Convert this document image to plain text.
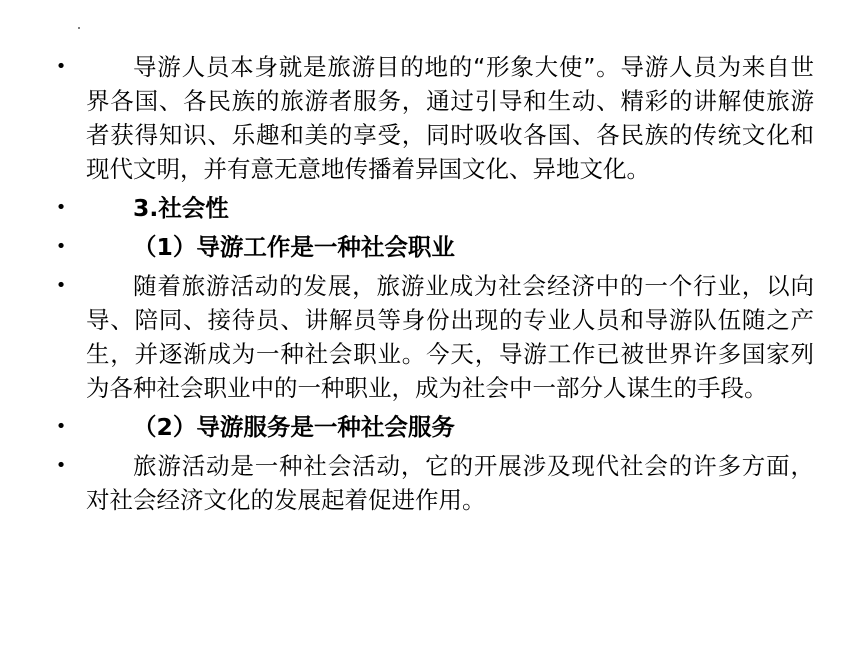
•	导游人员本身就是旅游目的地的“形象大使”。导游人员为来自世界各国、各民族的旅游者服务，通过引导和生动、精彩的讲解使旅游者获得知识、乐趣和美的享受，同时吸收各国、各民族的传统文化和现代文明，并有意无意地传播着异国文化、异地文化。
•	3.社会性
•	（1）导游工作是一种社会职业
•	随着旅游活动的发展，旅游业成为社会经济中的一个行业，以向导、陪同、接待员、讲解员等身份出现的专业人员和导游队伍随之产生，并逐渐成为一种社会职业。今天，导游工作已被世界许多国家列为各种社会职业中的一种职业，成为社会中一部分人谋生的手段。
•	（2）导游服务是一种社会服务
•	旅游活动是一种社会活动，它的开展涉及现代社会的许多方面，对社会经济文化的发展起着促进作用。
